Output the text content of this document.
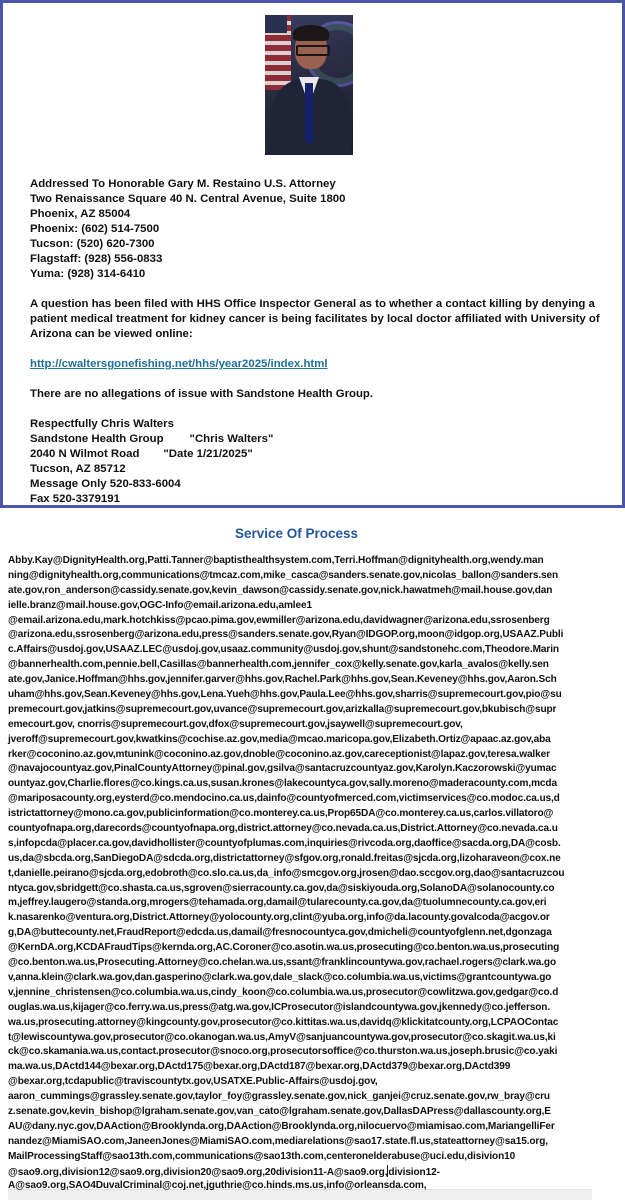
Addressed To Honorable Gary M. Restaino U.S. Attorney

Two Renaissance Square 40 N. Central Avenue, Suite 1800

Phoenix, AZ 85004

Phoenix: (602) 514-7500

Tucson: (520) 620-7300

Flagstaff: (928) 556-0833

Yuma: (928) 314-6410

A question has been filed with HHS Office Inspector General as to whether a contact killing by denying a patient medical treatment for kidney cancer is being facilitates by local doctor affiliated with University of Arizona can be viewed online:

http://cwaltersgonefishing.net/hhs/year2025/index.html

There are no allegations of issue with Sandstone Health Group.

Respectfully Chris Walters

Sandstone Health Group "Chris Walters"

2040 N Wilmot Road "Date 1/21/2025"

Tucson, AZ 85712

Message Only 520-833-6004

Fax 520-3379191

Service Of Process
Abby.Kay@DignityHealth.org,Patti.Tanner@baptisthealthsystem.com,Terri.Hoffman@dignityhealth.org,wendy.man
ning@dignityhealth.org,communications@tmcaz.com,mike_casca@sanders.senate.gov,nicolas_ballon@sanders.sen
ate.gov,ron_anderson@cassidy.senate.gov,kevin_dawson@cassidy.senate.gov,nick.hawatmeh@mail.house.gov,dan
ielle.branz@mail.house.gov,OGC-Info@email.arizona.edu,amlee1
@email.arizona.edu,mark.hotchkiss@pcao.pima.gov,ewmiller@arizona.edu,davidwagner@arizona.edu,ssrosenberg
@arizona.edu,ssrosenberg@arizona.edu,press@sanders.senate.gov,Ryan@IDGOP.org,moon@idgop.org,USAAZ.Publi
c.Affairs@usdoj.gov,USAAZ.LEC@usdoj.gov,usaaz.community@usdoj.gov,shunt@sandstonehc.com,Theodore.Marin
@bannerhealth.com,pennie.bell,Casillas@bannerhealth.com,jennifer_cox@kelly.senate.gov,karla_avalos@kelly.sen
ate.gov,Janice.Hoffman@hhs.gov,jennifer.garver@hhs.gov,Rachel.Park@hhs.gov,Sean.Keveney@hhs.gov,Aaron.Sch
uham@hhs.gov,Sean.Keveney@hhs.gov,Lena.Yueh@hhs.gov,Paula.Lee@hhs.gov,sharris@supremecourt.gov,pio@su
premecourt.gov,jatkins@supremecourt.gov,uvance@supremecourt.gov,arizkalla@supremecourt.gov,bkubisch@supr
emecourt.gov, cnorris@supremecourt.gov,dfox@supremecourt.gov,jsaywell@supremecourt.gov,
jveroff@supremecourt.gov,kwatkins@cochise.az.gov,media@mcao.maricopa.gov,Elizabeth.Ortiz@apaac.az.gov,aba
rker@coconino.az.gov,mtunink@coconino.az.gov,dnoble@coconino.az.gov,careceptionist@lapaz.gov,teresa.walker
@navajocountyaz.gov,PinalCountyAttorney@pinal.gov,gsilva@santacruzcountyaz.gov,Karolyn.Kaczorowski@yumac
ountyaz.gov,Charlie.flores@co.kings.ca.us,susan.krones@lakecountyca.gov,sally.moreno@maderacounty.com,mcda
@mariposacounty.org,eysterd@co.mendocino.ca.us,dainfo@countyofmerced.com,victimservices@co.modoc.ca.us,d
istrictattorney@mono.ca.gov,publicinformation@co.monterey.ca.us,Prop65DA@co.monterey.ca.us,carlos.villatoro@
countyofnapa.org,darecords@countyofnapa.org,district.attorney@co.nevada.ca.us,District.Attorney@co.nevada.ca.u
s,infopcda@placer.ca.gov,davidhollister@countyofplumas.com,inquiries@rivcoda.org,daoffice@sacda.org,DA@cosb.
us,da@sbcda.org,SanDiegoDA@sdcda.org,districtattorney@sfgov.org,ronald.freitas@sjcda.org,lizoharaveon@cox.ne
t,danielle.peirano@sjcda.org,edobroth@co.slo.ca.us,da_info@smcgov.org,jrosen@dao.sccgov.org,dao@santacruzcou
ntyca.gov,sbridgett@co.shasta.ca.us,sgroven@sierracounty.ca.gov,da@siskiyouda.org,SolanoDA@solanocounty.co
m,jeffrey.laugero@standa.org,mrogers@tehamada.org,damail@tularecounty.ca.gov,da@tuolumnecounty.ca.gov,eri
k.nasarenko@ventura.org,District.Attorney@yolocounty.org,clint@yuba.org,info@da.lacounty.govalcoda@acgov.or
g,DA@buttecounty.net,FraudReport@edcda.us,damail@fresnocountyca.gov,dmicheli@countyofglenn.net,dgonzaga
@KernDA.org,KCDAFraudTips@kernda.org,AC.Coroner@co.asotin.wa.us,prosecuting@co.benton.wa.us,prosecuting
@co.benton.wa.us,Prosecuting.Attorney@co.chelan.wa.us,ssant@franklincountywa.gov,rachael.rogers@clark.wa.go
v,anna.klein@clark.wa.gov,dan.gasperino@clark.wa.gov,dale_slack@co.columbia.wa.us,victims@grantcountywa.go
v,jennine_christensen@co.columbia.wa.us,cindy_koon@co.columbia.wa.us,prosecutor@cowlitzwa.gov,gedgar@co.d
ouglas.wa.us,kijager@co.ferry.wa.us,press@atg.wa.gov,ICProsecutor@islandcountywa.gov,jkennedy@co.jefferson.
wa.us,prosecuting.attorney@kingcounty.gov,prosecutor@co.kittitas.wa.us,davidq@klickitatcounty.org,LCPAOContac
t@lewiscountywa.gov,prosecutor@co.okanogan.wa.us,AmyV@sanjuancountywa.gov,prosecutor@co.skagit.wa.us,ki
ck@co.skamania.wa.us,contact.prosecutor@snoco.org,prosecutorsoffice@co.thurston.wa.us,joseph.brusic@co.yaki
ma.wa.us,DActd144@bexar.org,DActd175@bexar.org,DActd187@bexar.org,DActd379@bexar.org,DActd399
@bexar.org,tcdapublic@traviscountytx.gov,USATXE.Public-Affairs@usdoj.gov,
aaron_cummings@grassley.senate.gov,taylor_foy@grassley.senate.gov,nick_ganjei@cruz.senate.gov,rw_bray@cru
z.senate.gov,kevin_bishop@lgraham.senate.gov,van_cato@lgraham.senate.gov,DallasDAPress@dallascounty.org,E
AU@dany.nyc.gov,DAAction@Brooklynda.org,DAAction@Brooklynda.org,nilocuervo@miamisao.com,MariangelliFer
nandez@MiamiSAO.com,JaneenJones@MiamiSAO.com,mediarelations@sao17.state.fl.us,stateattorney@sa15.org,
MailProcessingStaff@sao13th.com,communications@sao13th.com,centeronelderabuse@uci.edu,disivion10
@sao9.org,division12@sao9.org,division20@sao9.org,20division11-A@sao9.org,division12-
A@sao9.org,SAO4DuvalCriminal@coj.net,jguthrie@co.hinds.ms.us,info@orleansda.com,
